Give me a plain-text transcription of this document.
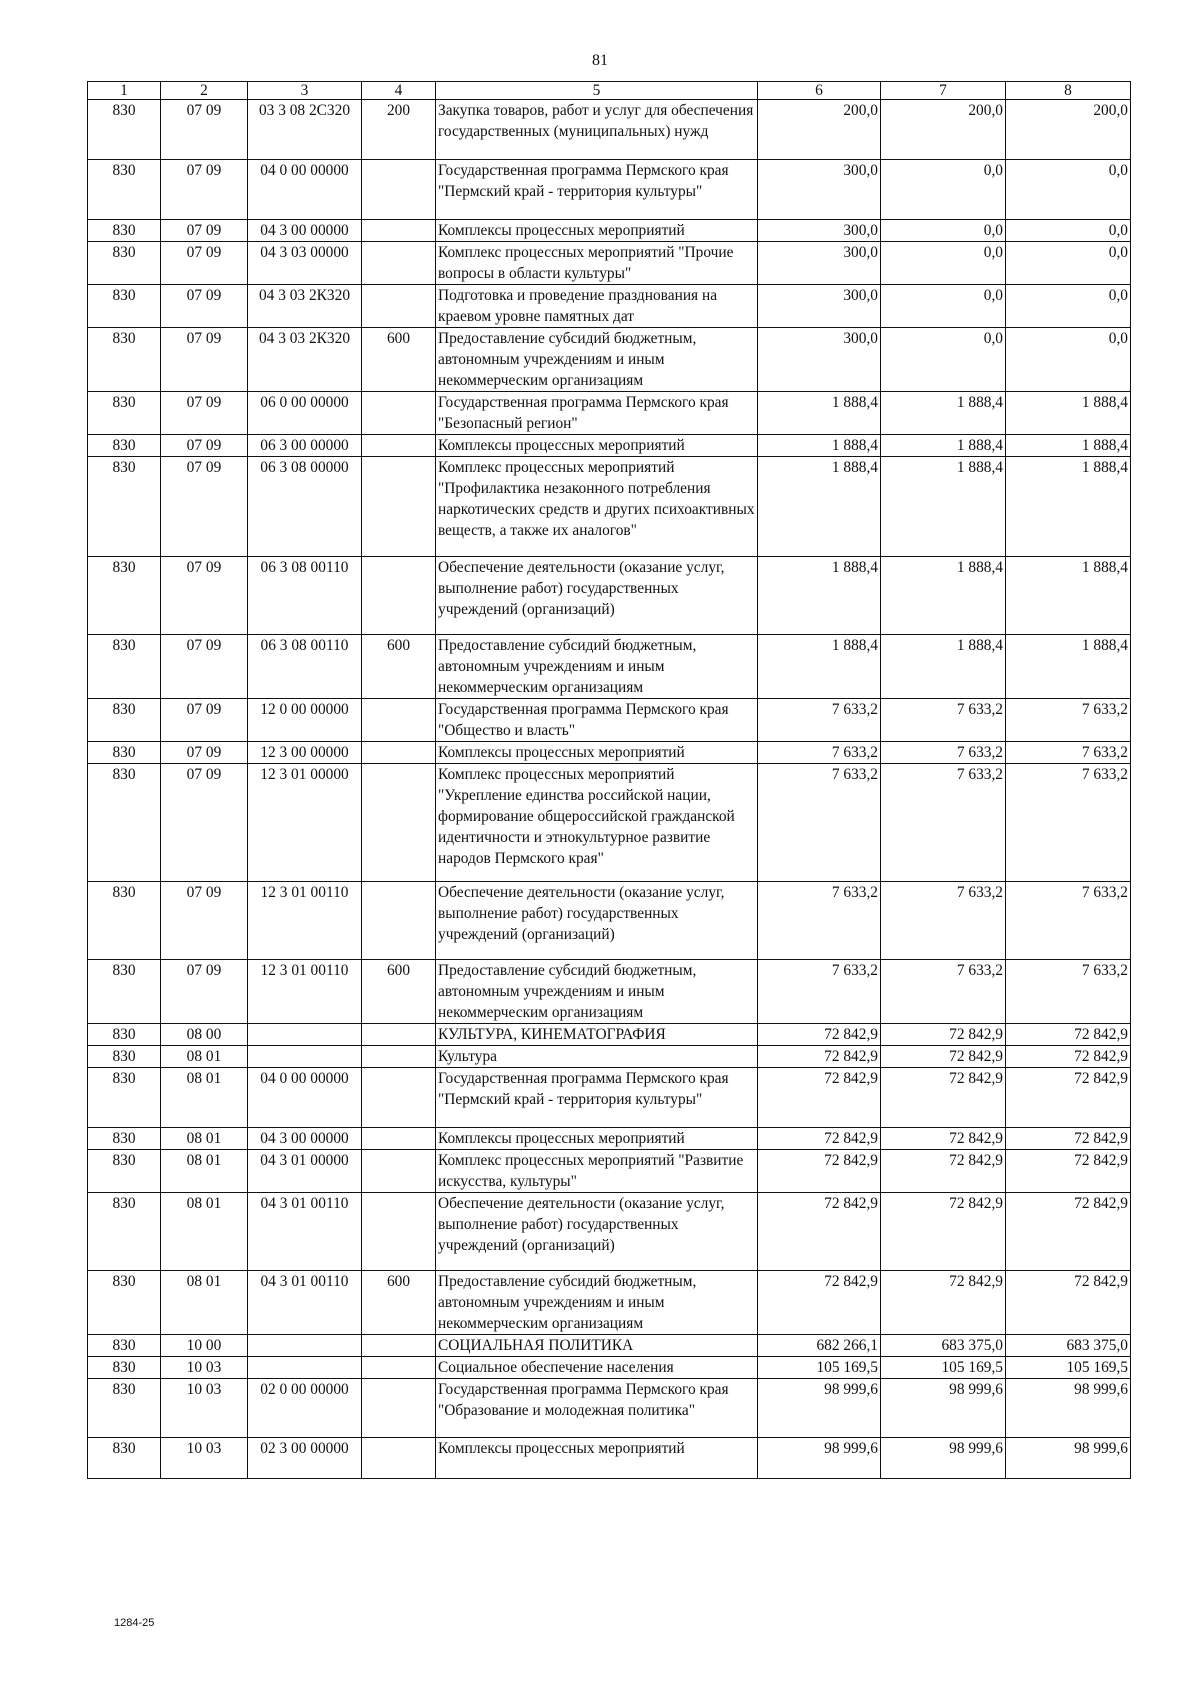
81
1	2	3	4	5	6	7	8
830	07 09	03 3 08 2С320	200	Закупка товаров, работ и услуг для обеспечения государственных (муниципальных) нужд	200,0	200,0	200,0
830	07 09	04 0 00 00000		Государственная программа Пермского края "Пермский край - территория культуры"	300,0	0,0	0,0
830	07 09	04 3 00 00000		Комплексы процессных мероприятий	300,0	0,0	0,0
830	07 09	04 3 03 00000		Комплекс процессных мероприятий "Прочие вопросы в области культуры"	300,0	0,0	0,0
830	07 09	04 3 03 2К320		Подготовка и проведение празднования на краевом уровне памятных дат	300,0	0,0	0,0
830	07 09	04 3 03 2К320	600	Предоставление субсидий бюджетным, автономным учреждениям и иным некоммерческим организациям	300,0	0,0	0,0
830	07 09	06 0 00 00000		Государственная программа Пермского края "Безопасный регион"	1 888,4	1 888,4	1 888,4
830	07 09	06 3 00 00000		Комплексы процессных мероприятий	1 888,4	1 888,4	1 888,4
830	07 09	06 3 08 00000		Комплекс процессных мероприятий "Профилактика незаконного потребления наркотических средств и других психоактивных веществ, а также их аналогов"	1 888,4	1 888,4	1 888,4
830	07 09	06 3 08 00110		Обеспечение деятельности (оказание услуг, выполнение работ) государственных учреждений (организаций)	1 888,4	1 888,4	1 888,4
830	07 09	06 3 08 00110	600	Предоставление субсидий бюджетным, автономным учреждениям и иным некоммерческим организациям	1 888,4	1 888,4	1 888,4
830	07 09	12 0 00 00000		Государственная программа Пермского края "Общество и власть"	7 633,2	7 633,2	7 633,2
830	07 09	12 3 00 00000		Комплексы процессных мероприятий	7 633,2	7 633,2	7 633,2
830	07 09	12 3 01 00000		Комплекс процессных мероприятий "Укрепление единства российской нации, формирование общероссийской гражданской идентичности и этнокультурное развитие народов Пермского края"	7 633,2	7 633,2	7 633,2
830	07 09	12 3 01 00110		Обеспечение деятельности (оказание услуг, выполнение работ) государственных учреждений (организаций)	7 633,2	7 633,2	7 633,2
830	07 09	12 3 01 00110	600	Предоставление субсидий бюджетным, автономным учреждениям и иным некоммерческим организациям	7 633,2	7 633,2	7 633,2
830	08 00			КУЛЬТУРА, КИНЕМАТОГРАФИЯ	72 842,9	72 842,9	72 842,9
830	08 01			Культура	72 842,9	72 842,9	72 842,9
830	08 01	04 0 00 00000		Государственная программа Пермского края "Пермский край - территория культуры"	72 842,9	72 842,9	72 842,9
830	08 01	04 3 00 00000		Комплексы процессных мероприятий	72 842,9	72 842,9	72 842,9
830	08 01	04 3 01 00000		Комплекс процессных мероприятий "Развитие искусства, культуры"	72 842,9	72 842,9	72 842,9
830	08 01	04 3 01 00110		Обеспечение деятельности (оказание услуг, выполнение работ) государственных учреждений (организаций)	72 842,9	72 842,9	72 842,9
830	08 01	04 3 01 00110	600	Предоставление субсидий бюджетным, автономным учреждениям и иным некоммерческим организациям	72 842,9	72 842,9	72 842,9
830	10 00			СОЦИАЛЬНАЯ ПОЛИТИКА	682 266,1	683 375,0	683 375,0
830	10 03			Социальное обеспечение населения	105 169,5	105 169,5	105 169,5
830	10 03	02 0 00 00000		Государственная программа Пермского края "Образование и молодежная политика"	98 999,6	98 999,6	98 999,6
830	10 03	02 3 00 00000		Комплексы процессных мероприятий	98 999,6	98 999,6	98 999,6
1284-25
